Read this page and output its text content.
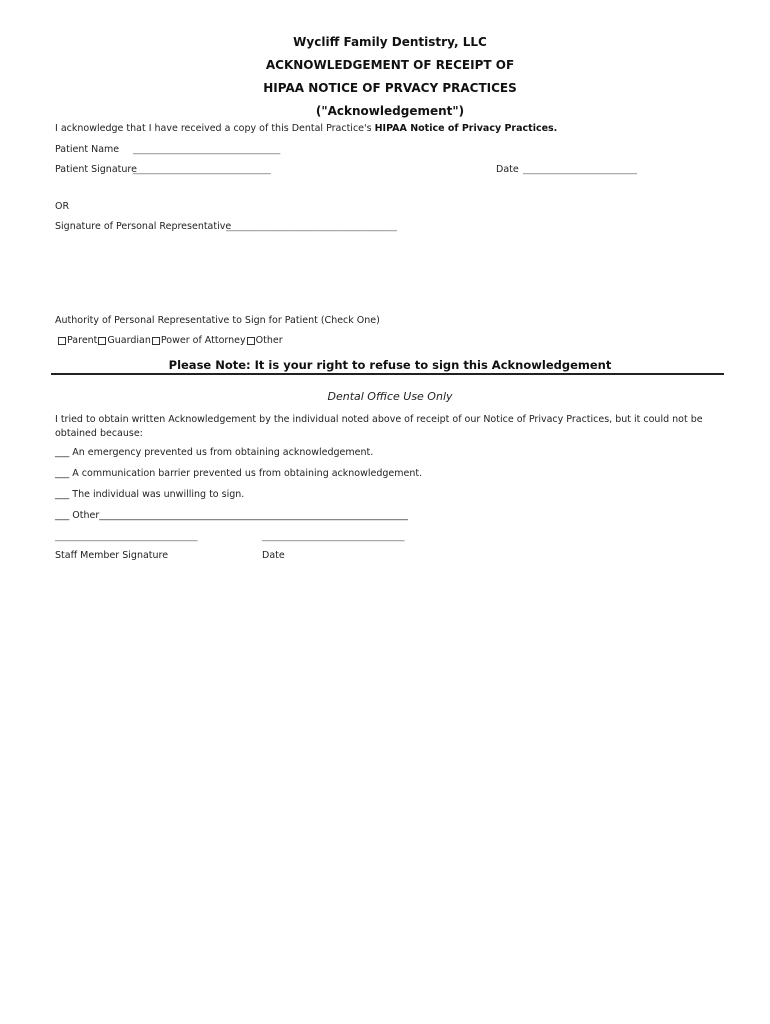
Wycliff Family Dentistry, LLC
ACKNOWLEDGEMENT OF RECEIPT OF
HIPAA NOTICE OF PRVACY PRACTICES
("Acknowledgement")
I acknowledge that I have received a copy of this Dental Practice's HIPAA Notice of Privacy Practices.
Patient Name _______________________________
Patient Signature
_____________________________	Date ________________________
OR
Signature of Personal Representative
____________________________________
Authority of Personal Representative to Sign for Patient (Check One)
Parent Guardian Power of Attorney Other
Please Note: It is your right to refuse to sign this Acknowledgement
Dental Office Use Only
I tried to obtain written Acknowledgement by the individual noted above of receipt of our Notice of Privacy Practices, but it could not be obtained because:
___ An emergency prevented us from obtaining acknowledgement.
___ A communication barrier prevented us from obtaining acknowledgement.
___ The individual was unwilling to sign.
___ Other_________________________________________________________________
______________________________	______________________________
Staff Member Signature	Date
